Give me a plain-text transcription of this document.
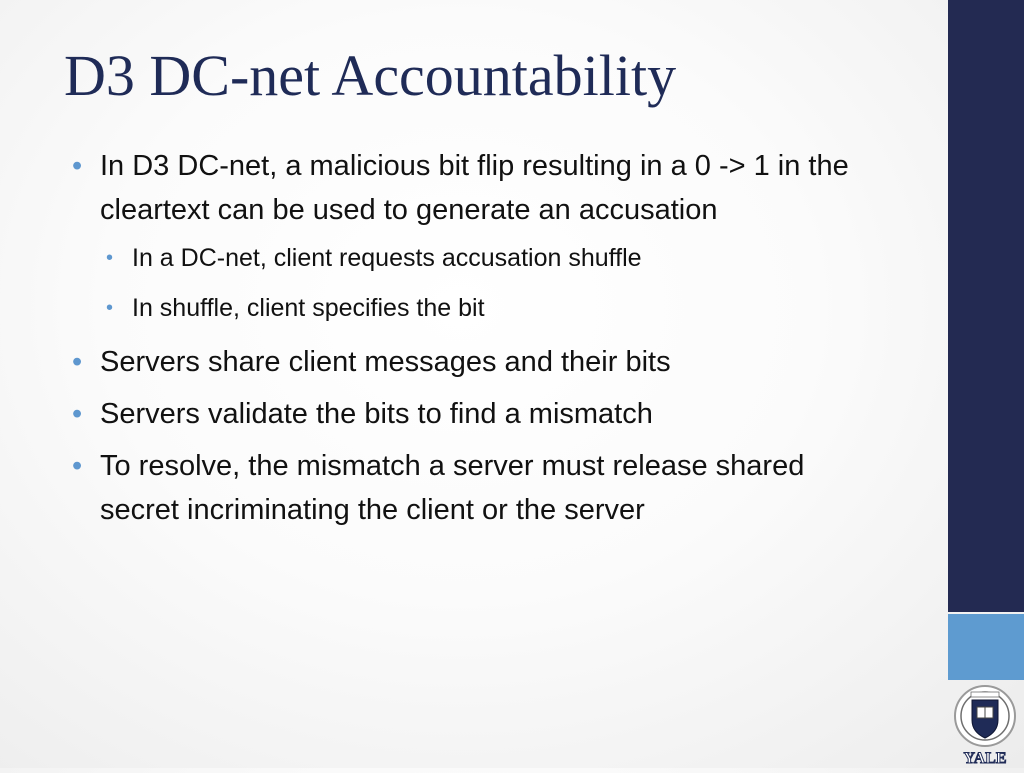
D3 DC-net Accountability
• In D3 DC-net, a malicious bit flip resulting in a 0 -> 1 in the cleartext can be used to generate an accusation
• In a DC-net, client requests accusation shuffle
• In shuffle, client specifies the bit
• Servers share client messages and their bits
• Servers validate the bits to find a mismatch
• To resolve, the mismatch a server must release shared secret incriminating the client or the server
YALE
